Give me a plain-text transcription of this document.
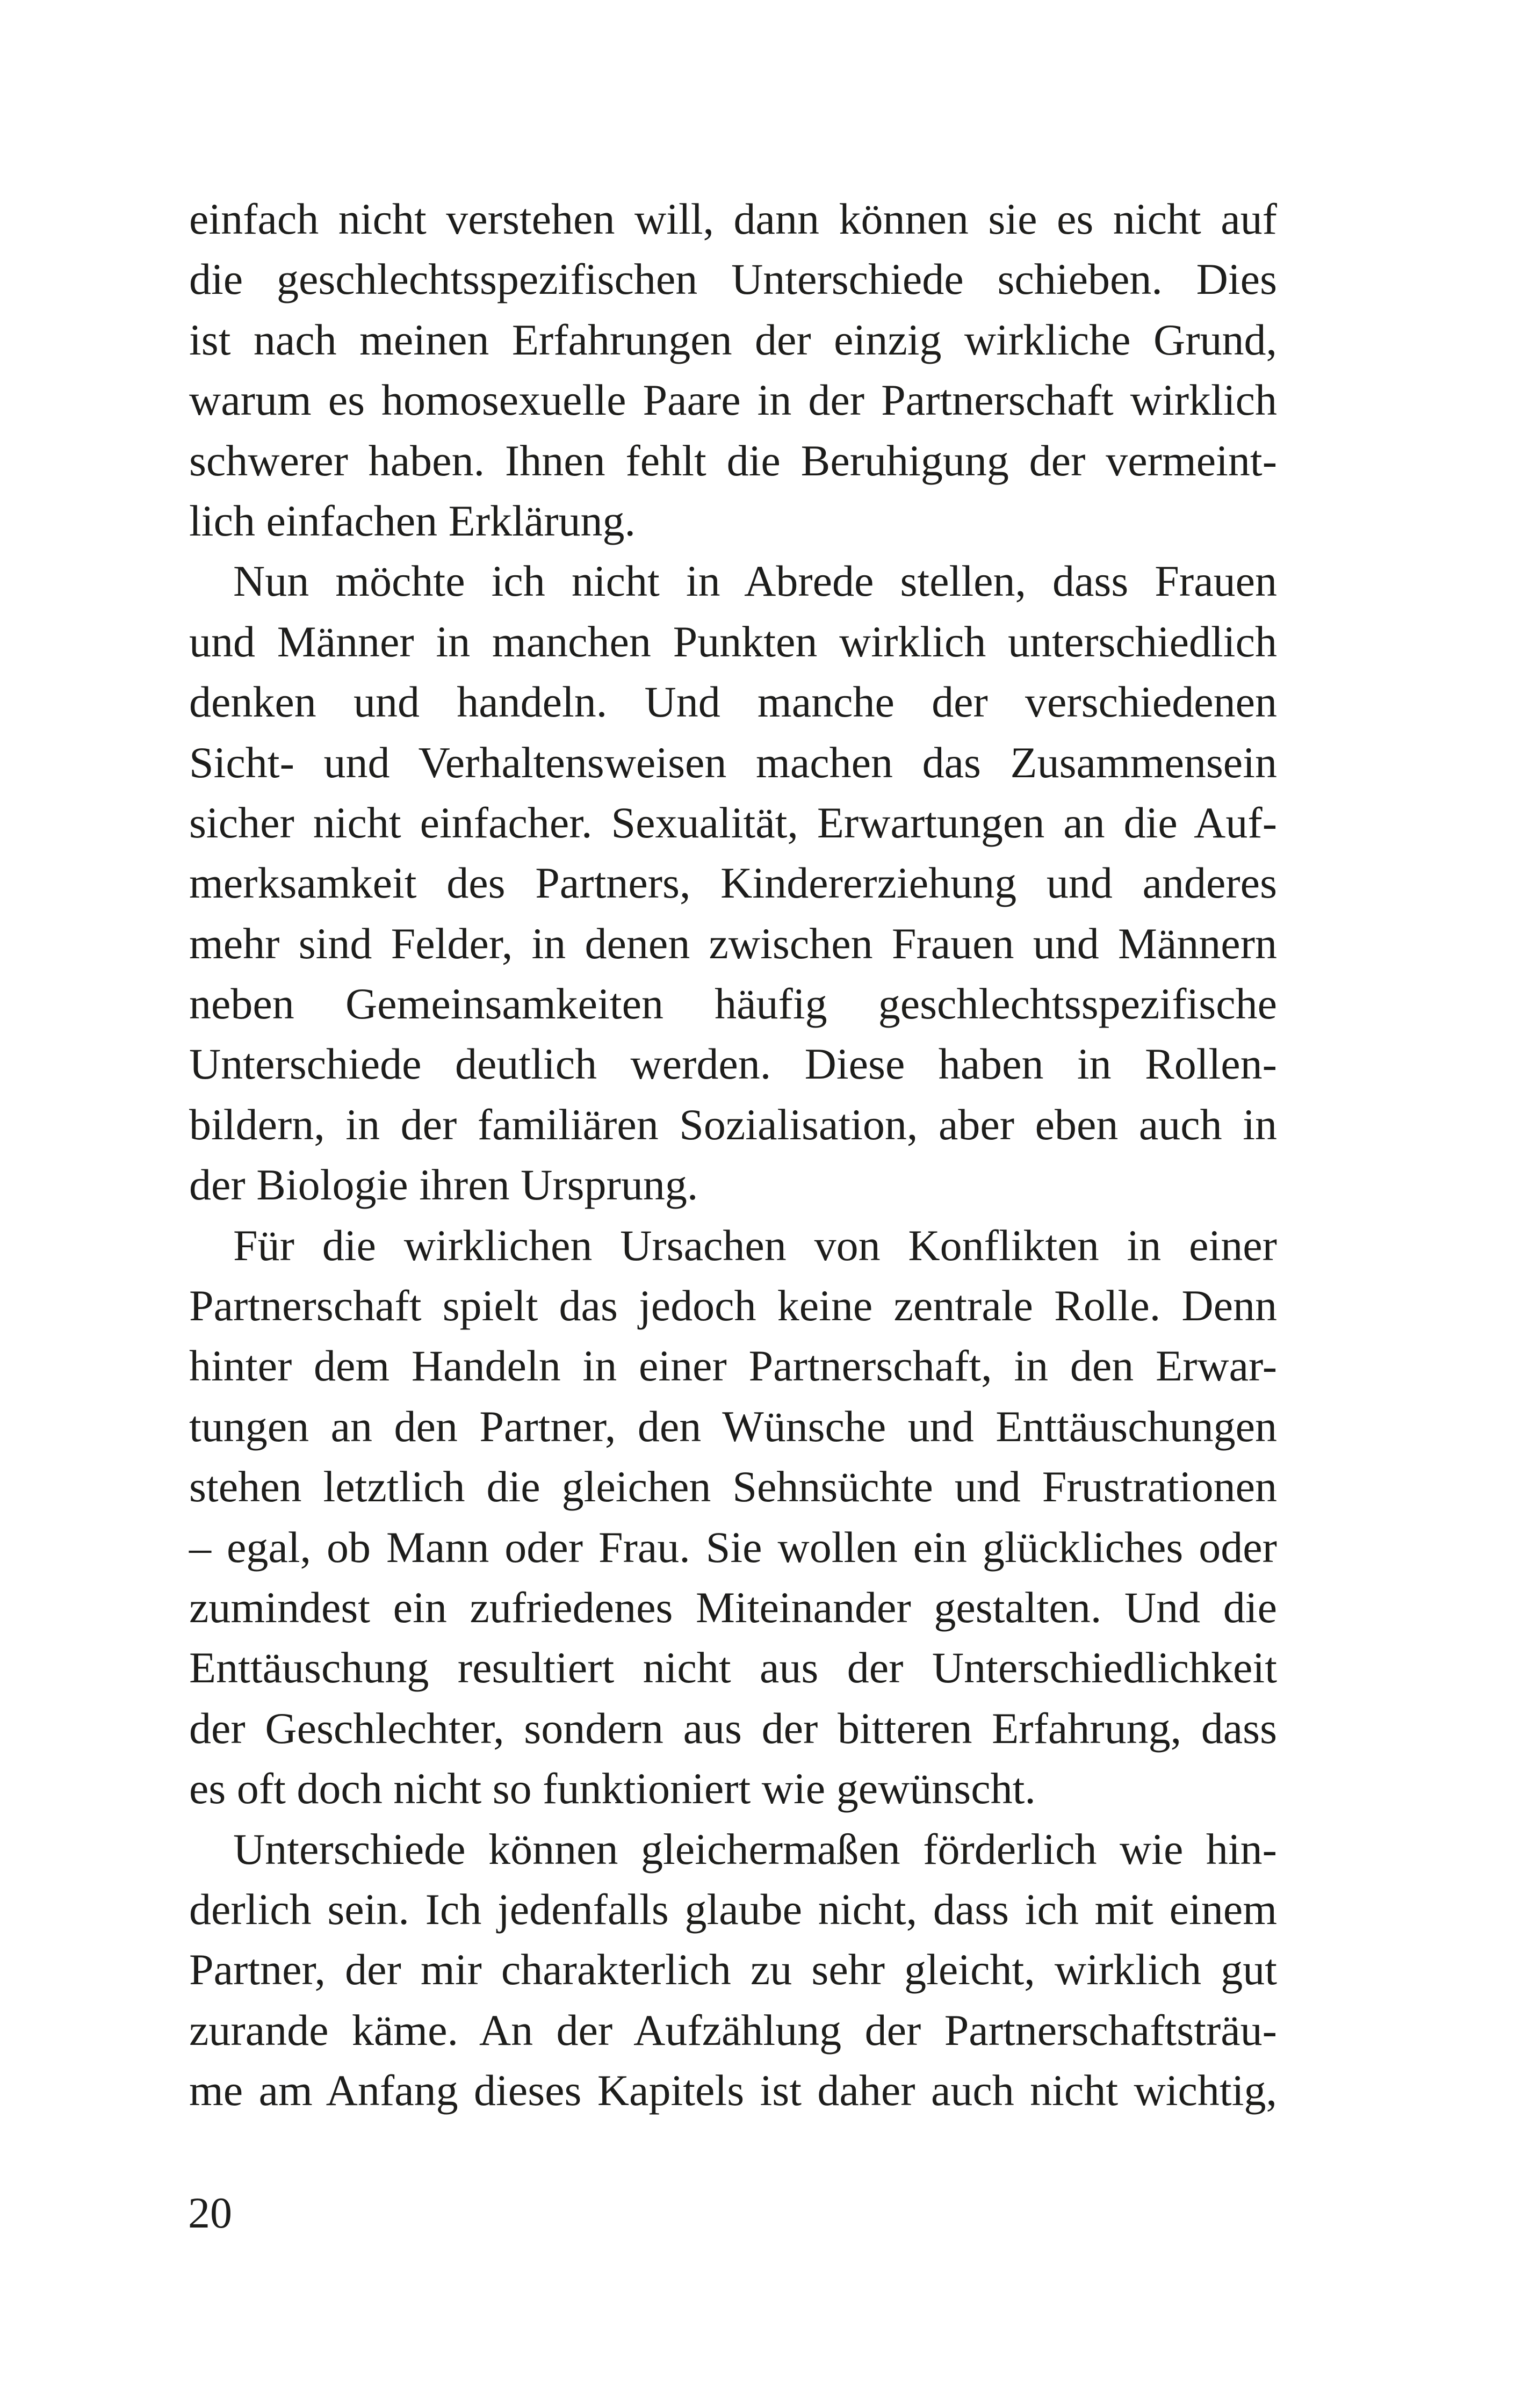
einfach nicht verstehen will, dann können sie es nicht auf
die geschlechtsspezifischen Unterschiede schieben. Dies
ist nach meinen Erfahrungen der einzig wirkliche Grund,
warum es homosexuelle Paare in der Partnerschaft wirklich
schwerer haben. Ihnen fehlt die Beruhigung der vermeint-
lich einfachen Erklärung.
Nun möchte ich nicht in Abrede stellen, dass Frauen
und Männer in manchen Punkten wirklich unterschiedlich
denken und handeln. Und manche der verschiedenen
Sicht- und Verhaltensweisen machen das Zusammensein
sicher nicht einfacher. Sexualität, Erwartungen an die Auf-
merksamkeit des Partners, Kindererziehung und anderes
mehr sind Felder, in denen zwischen Frauen und Männern
neben Gemeinsamkeiten häufig geschlechtsspezifische
Unterschiede deutlich werden. Diese haben in Rollen-
bildern, in der familiären Sozialisation, aber eben auch in
der Biologie ihren Ursprung.
Für die wirklichen Ursachen von Konflikten in einer
Partnerschaft spielt das jedoch keine zentrale Rolle. Denn
hinter dem Handeln in einer Partnerschaft, in den Erwar-
tungen an den Partner, den Wünsche und Enttäuschungen
stehen letztlich die gleichen Sehnsüchte und Frustrationen
– egal, ob Mann oder Frau. Sie wollen ein glückliches oder
zumindest ein zufriedenes Miteinander gestalten. Und die
Enttäuschung resultiert nicht aus der Unterschiedlichkeit
der Geschlechter, sondern aus der bitteren Erfahrung, dass
es oft doch nicht so funktioniert wie gewünscht.
Unterschiede können gleichermaßen förderlich wie hin-
derlich sein. Ich jedenfalls glaube nicht, dass ich mit einem
Partner, der mir charakterlich zu sehr gleicht, wirklich gut
zurande käme. An der Aufzählung der Partnerschaftsträu-
me am Anfang dieses Kapitels ist daher auch nicht wichtig,
20
